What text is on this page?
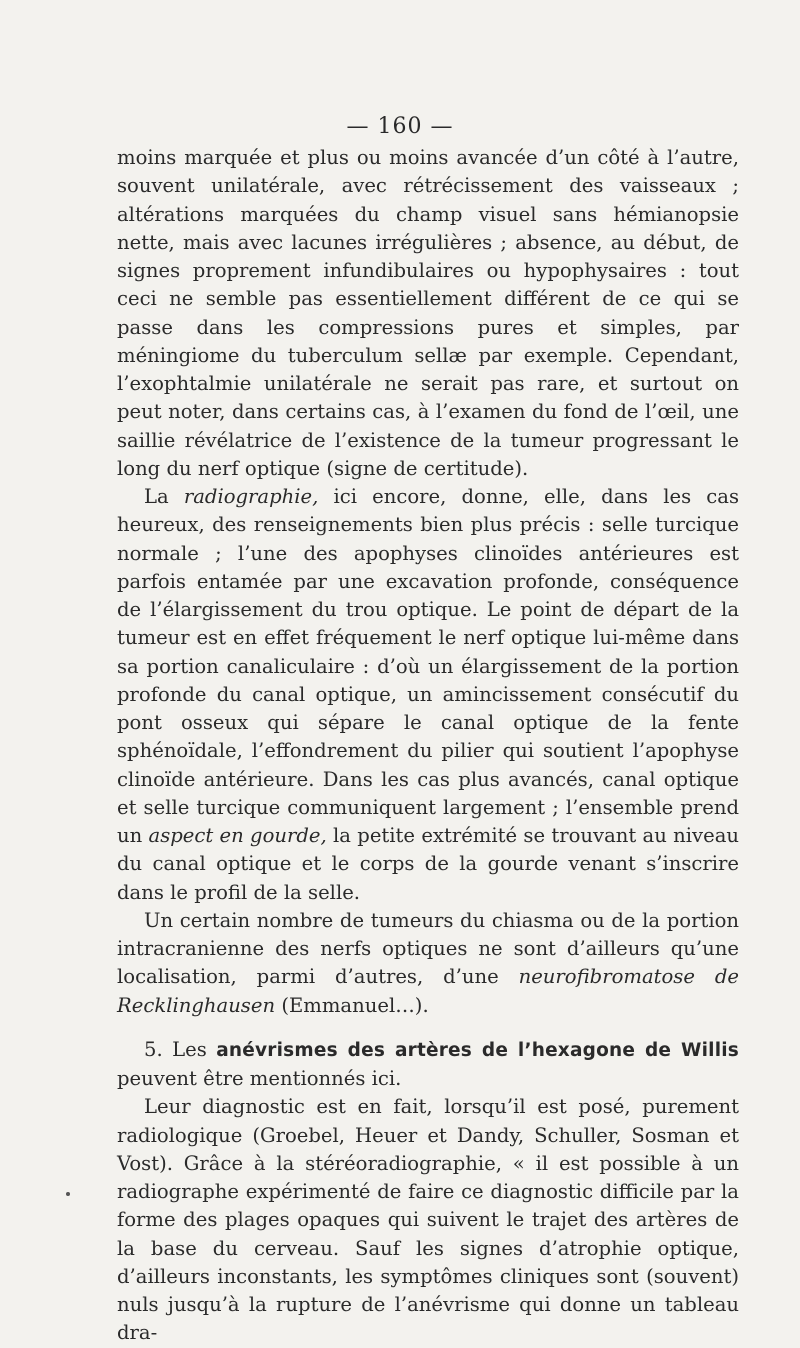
— 160 —

moins marquée et plus ou moins avancée d’un côté à l’autre, souvent unilatérale, avec rétrécissement des vaisseaux ; altérations marquées du champ visuel sans hémianopsie nette, mais avec lacunes irrégulières ; absence, au début, de signes proprement infundibulaires ou hypophysaires : tout ceci ne semble pas essentiellement différent de ce qui se passe dans les compressions pures et simples, par méningiome du tuberculum sellæ par exemple. Cependant, l’exophtalmie unilatérale ne serait pas rare, et surtout on peut noter, dans certains cas, à l’examen du fond de l’œil, une saillie révélatrice de l’existence de la tumeur progressant le long du nerf optique (signe de certitude).

La radiographie, ici encore, donne, elle, dans les cas heureux, des renseignements bien plus précis : selle turcique normale ; l’une des apophyses clinoïdes antérieures est parfois entamée par une excavation profonde, conséquence de l’élargissement du trou optique. Le point de départ de la tumeur est en effet fréquement le nerf optique lui-même dans sa portion canaliculaire : d’où un élargissement de la portion profonde du canal optique, un amincissement consécutif du pont osseux qui sépare le canal optique de la fente sphénoïdale, l’effondrement du pilier qui soutient l’apophyse clinoïde antérieure. Dans les cas plus avancés, canal optique et selle turcique communiquent largement ; l’ensemble prend un aspect en gourde, la petite extrémité se trouvant au niveau du canal optique et le corps de la gourde venant s’inscrire dans le profil de la selle.

Un certain nombre de tumeurs du chiasma ou de la portion intracranienne des nerfs optiques ne sont d’ailleurs qu’une localisation, parmi d’autres, d’une neurofibromatose de Recklinghausen (Emmanuel…).

5. Les anévrismes des artères de l’hexagone de Willis peuvent être mentionnés ici.

Leur diagnostic est en fait, lorsqu’il est posé, purement radiologique (Groebel, Heuer et Dandy, Schuller, Sosman et Vost). Grâce à la stéréoradiographie, « il est possible à un radiographe expérimenté de faire ce diagnostic difficile par la forme des plages opaques qui suivent le trajet des artères de la base du cerveau. Sauf les signes d’atrophie optique, d’ailleurs inconstants, les symptômes cliniques sont (souvent) nuls jusqu’à la rupture de l’anévrisme qui donne un tableau dra-
